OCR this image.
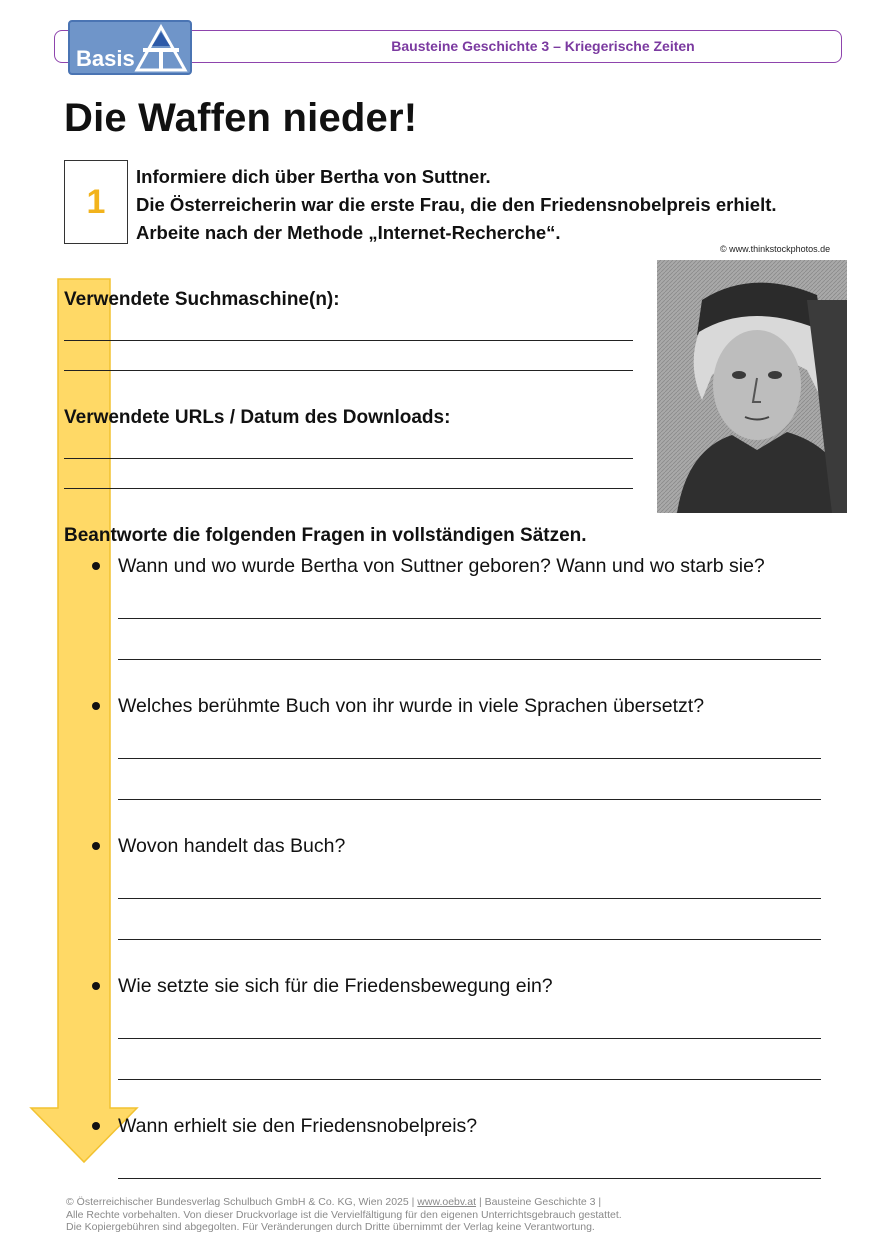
Bausteine Geschichte 3 – Kriegerische Zeiten
Basis
Die Waffen nieder!
1
Informiere dich über Bertha von Suttner.
Die Österreicherin war die erste Frau, die den Friedensnobelpreis erhielt.
Arbeite nach der Methode „Internet-Recherche“.
© www.thinkstockphotos.de
Verwendete Suchmaschine(n):
Verwendete URLs / Datum des Downloads:
Beantworte die folgenden Fragen in vollständigen Sätzen.
Wann und wo wurde Bertha von Suttner geboren? Wann und wo starb sie?
Welches berühmte Buch von ihr wurde in viele Sprachen übersetzt?
Wovon handelt das Buch?
Wie setzte sie sich für die Friedensbewegung ein?
Wann erhielt sie den Friedensnobelpreis?
© Österreichischer Bundesverlag Schulbuch GmbH & Co. KG, Wien 2025 | www.oebv.at | Bausteine Geschichte 3 |
Alle Rechte vorbehalten. Von dieser Druckvorlage ist die Vervielfältigung für den eigenen Unterrichtsgebrauch gestattet.
Die Kopiergebühren sind abgegolten. Für Veränderungen durch Dritte übernimmt der Verlag keine Verantwortung.
